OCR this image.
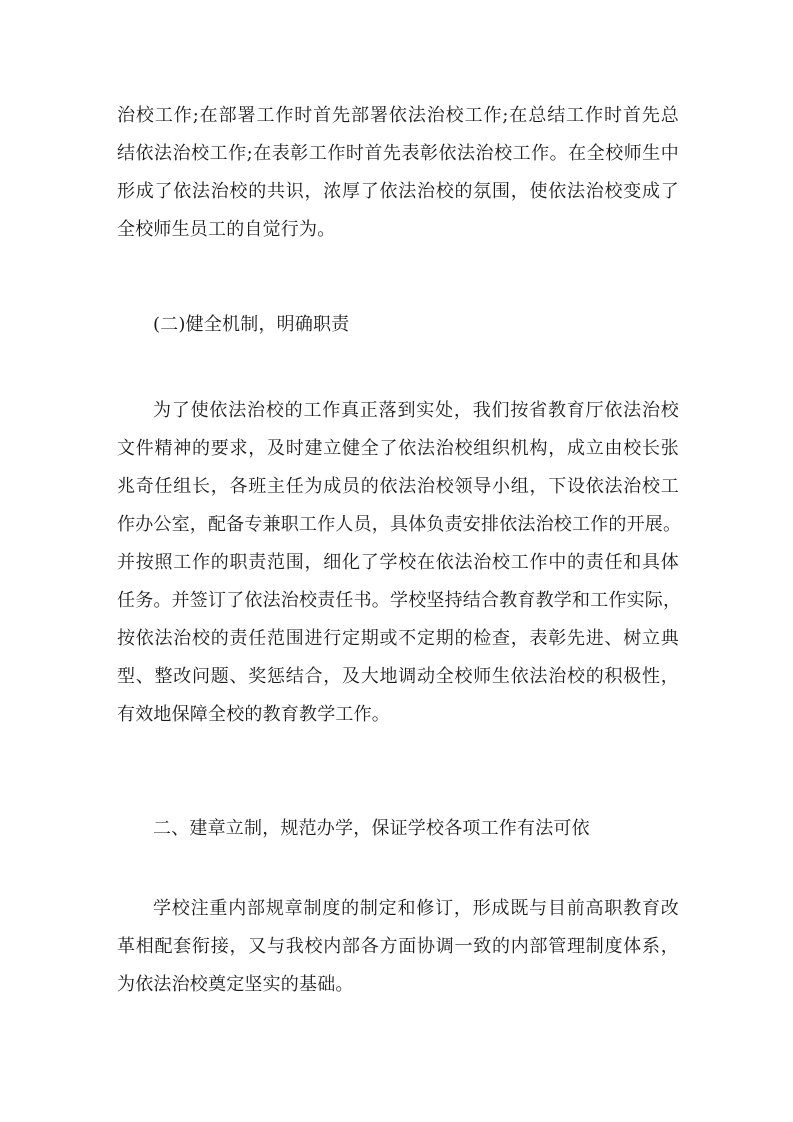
治校工作;在部署工作时首先部署依法治校工作;在总结工作时首先总
结依法治校工作;在表彰工作时首先表彰依法治校工作。在全校师生中
形成了依法治校的共识，浓厚了依法治校的氛围，使依法治校变成了
全校师生员工的自觉行为。
(二)健全机制，明确职责
为了使依法治校的工作真正落到实处，我们按省教育厅依法治校
文件精神的要求，及时建立健全了依法治校组织机构，成立由校长张
兆奇任组长，各班主任为成员的依法治校领导小组，下设依法治校工
作办公室，配备专兼职工作人员，具体负责安排依法治校工作的开展。
并按照工作的职责范围，细化了学校在依法治校工作中的责任和具体
任务。并签订了依法治校责任书。学校坚持结合教育教学和工作实际，
按依法治校的责任范围进行定期或不定期的检查，表彰先进、树立典
型、整改问题、奖惩结合，及大地调动全校师生依法治校的积极性，
有效地保障全校的教育教学工作。
二、建章立制，规范办学，保证学校各项工作有法可依
学校注重内部规章制度的制定和修订，形成既与目前高职教育改
革相配套衔接，又与我校内部各方面协调一致的内部管理制度体系，
为依法治校奠定坚实的基础。
